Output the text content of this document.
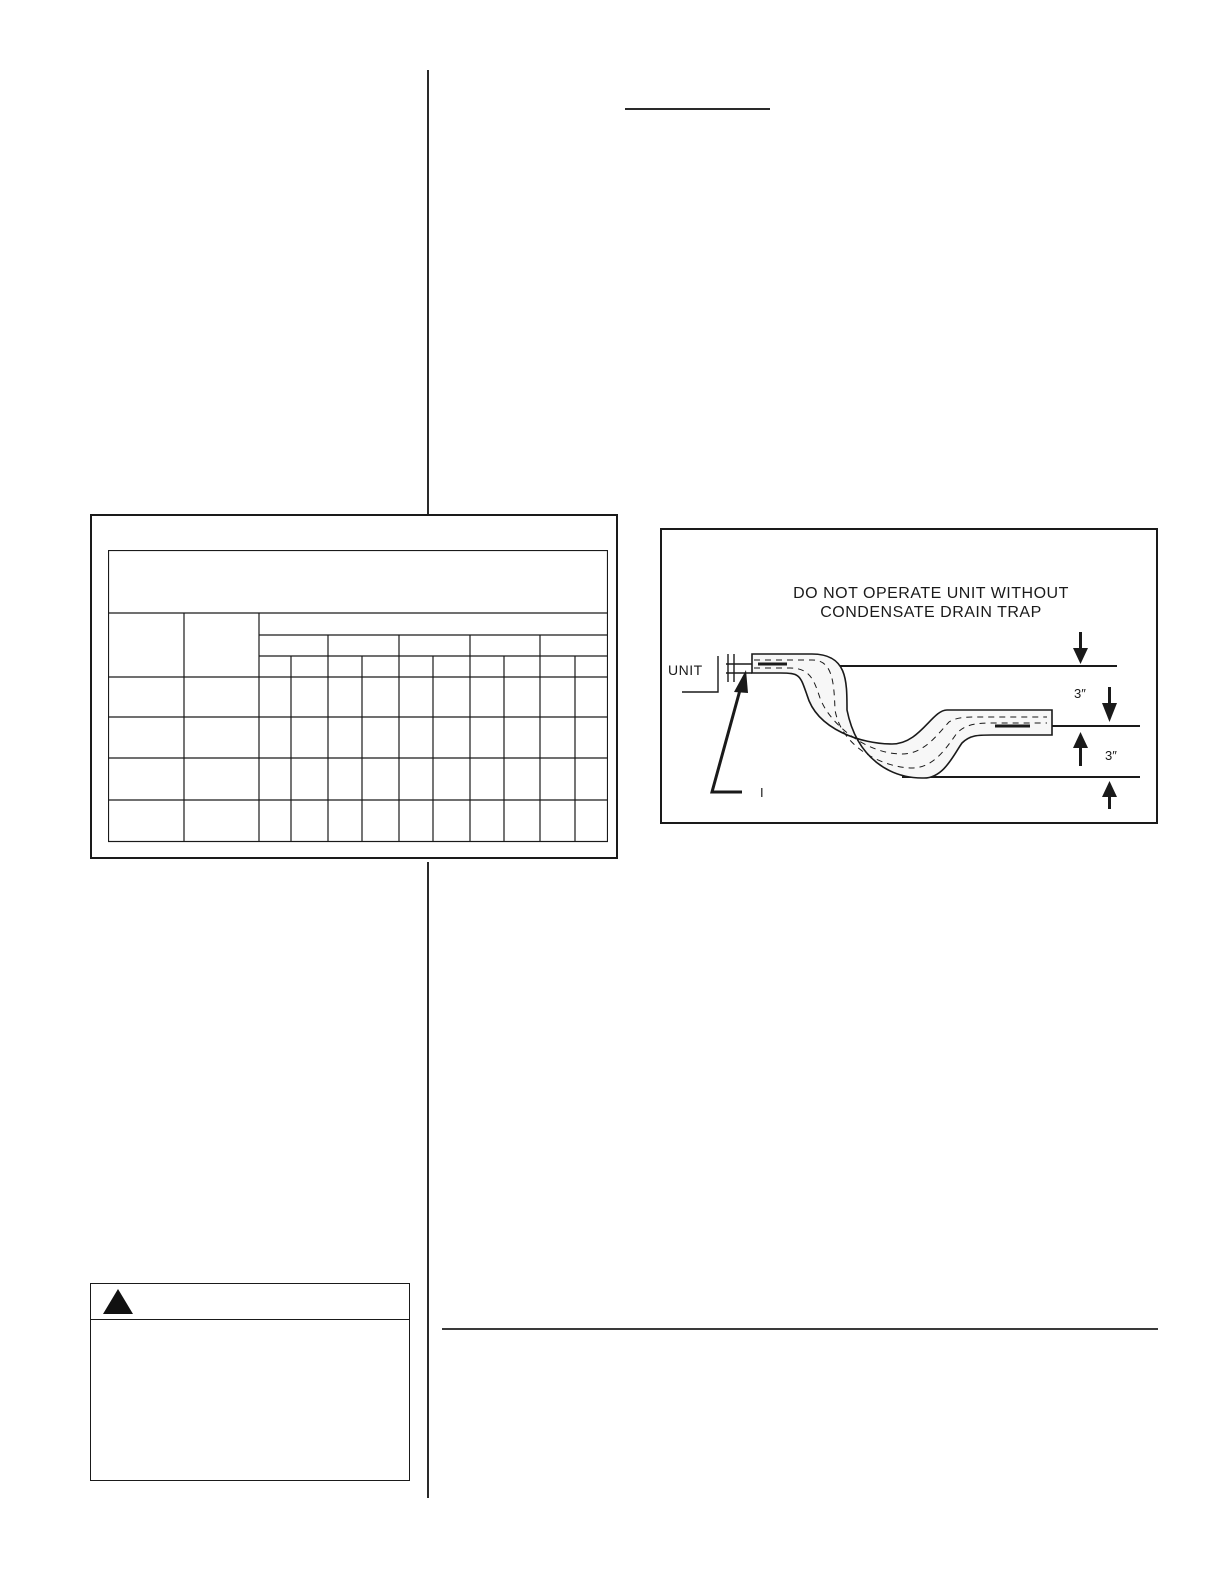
DO NOT OPERATE UNIT WITHOUT
CONDENSATE DRAIN TRAP
UNIT
I
3″
3″
